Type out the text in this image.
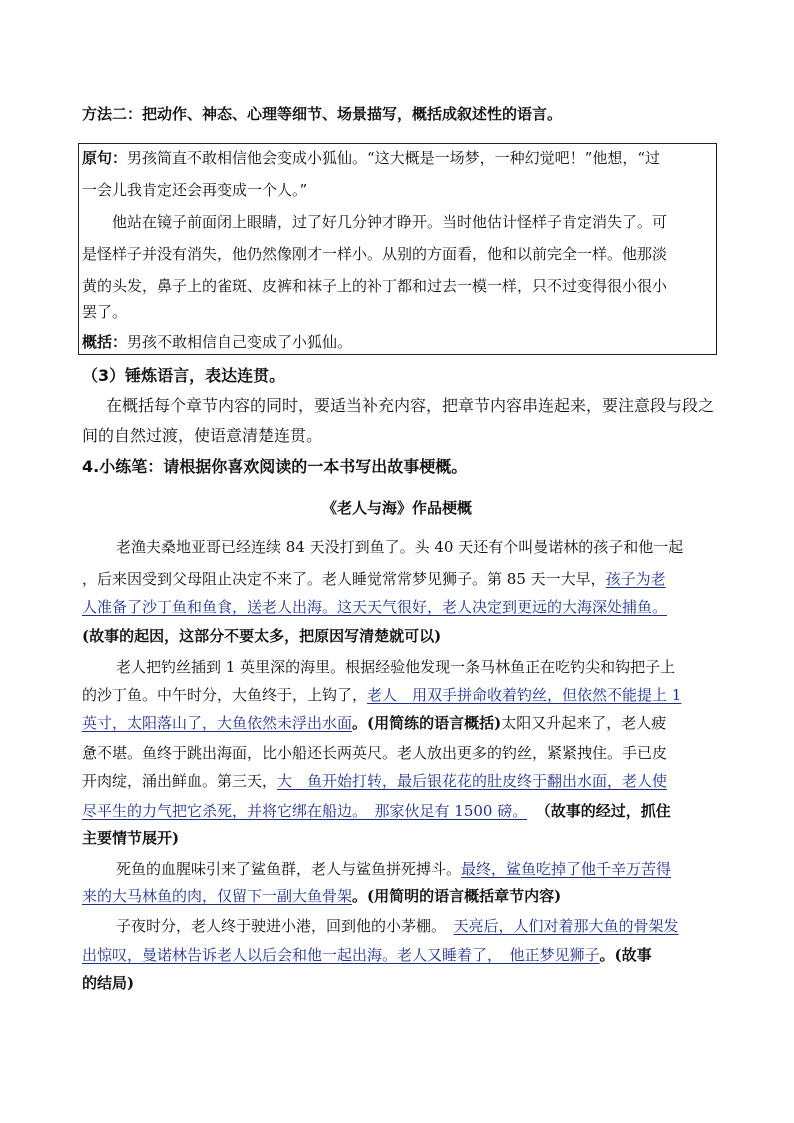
方法二：把动作、神态、心理等细节、场景描写，概括成叙述性的语言。
原句：男孩简直不敢相信他会变成小狐仙。“这大概是一场梦，一种幻觉吧！”他想，“过
一会儿我肯定还会再变成一个人。”
他站在镜子前面闭上眼睛，过了好几分钟才睁开。当时他估计怪样子肯定消失了。可
是怪样子并没有消失，他仍然像刚才一样小。从别的方面看，他和以前完全一样。他那淡
黄的头发，鼻子上的雀斑、皮裤和袜子上的补丁都和过去一模一样，只不过变得很小很小
罢了。
概括：男孩不敢相信自己变成了小狐仙。
（3）锤炼语言，表达连贯。
在概括每个章节内容的同时，要适当补充内容，把章节内容串连起来，要注意段与段之
间的自然过渡，使语意清楚连贯。
4.小练笔：请根据你喜欢阅读的一本书写出故事梗概。
《老人与海》作品梗概
老渔夫桑地亚哥已经连续 84 天没打到鱼了。头 40 天还有个叫曼诺林的孩子和他一起
，后来因受到父母阻止决定不来了。老人睡觉常常梦见狮子。第 85 天一大早，孩子为老
人准备了沙丁鱼和鱼食，送老人出海。这天天气很好，老人决定到更远的大海深处捕鱼。
(故事的起因，这部分不要太多，把原因写清楚就可以)
老人把钓丝插到 1 英里深的海里。根据经验他发现一条马林鱼正在吃钓尖和钩把子上
的沙丁鱼。中午时分，大鱼终于，上钩了，老人　用双手拼命收着钓丝，但依然不能提上 1
英寸，太阳落山了，大鱼依然未浮出水面。(用简练的语言概括)太阳又升起来了，老人疲
惫不堪。鱼终于跳出海面，比小船还长两英尺。老人放出更多的钓丝，紧紧拽住。手已皮
开肉绽，涌出鲜血。第三天，大　鱼开始打转，最后银花花的肚皮终于翻出水面，老人使
尽平生的力气把它杀死，并将它绑在船边。　那家伙足有 1500 磅。 （故事的经过，抓住
主要情节展开)
死鱼的血腥味引来了鲨鱼群，老人与鲨鱼拼死搏斗。最终，鲨鱼吃掉了他千辛万苦得
来的大马林鱼的肉，仅留下一副大鱼骨架。(用简明的语言概括章节内容)
子夜时分，老人终于驶进小港，回到他的小茅棚。　天亮后，人们对着那大鱼的骨架发
出惊叹，曼诺林告诉老人以后会和他一起出海。老人又睡着了，　他正梦见狮子。(故事
的结局)
